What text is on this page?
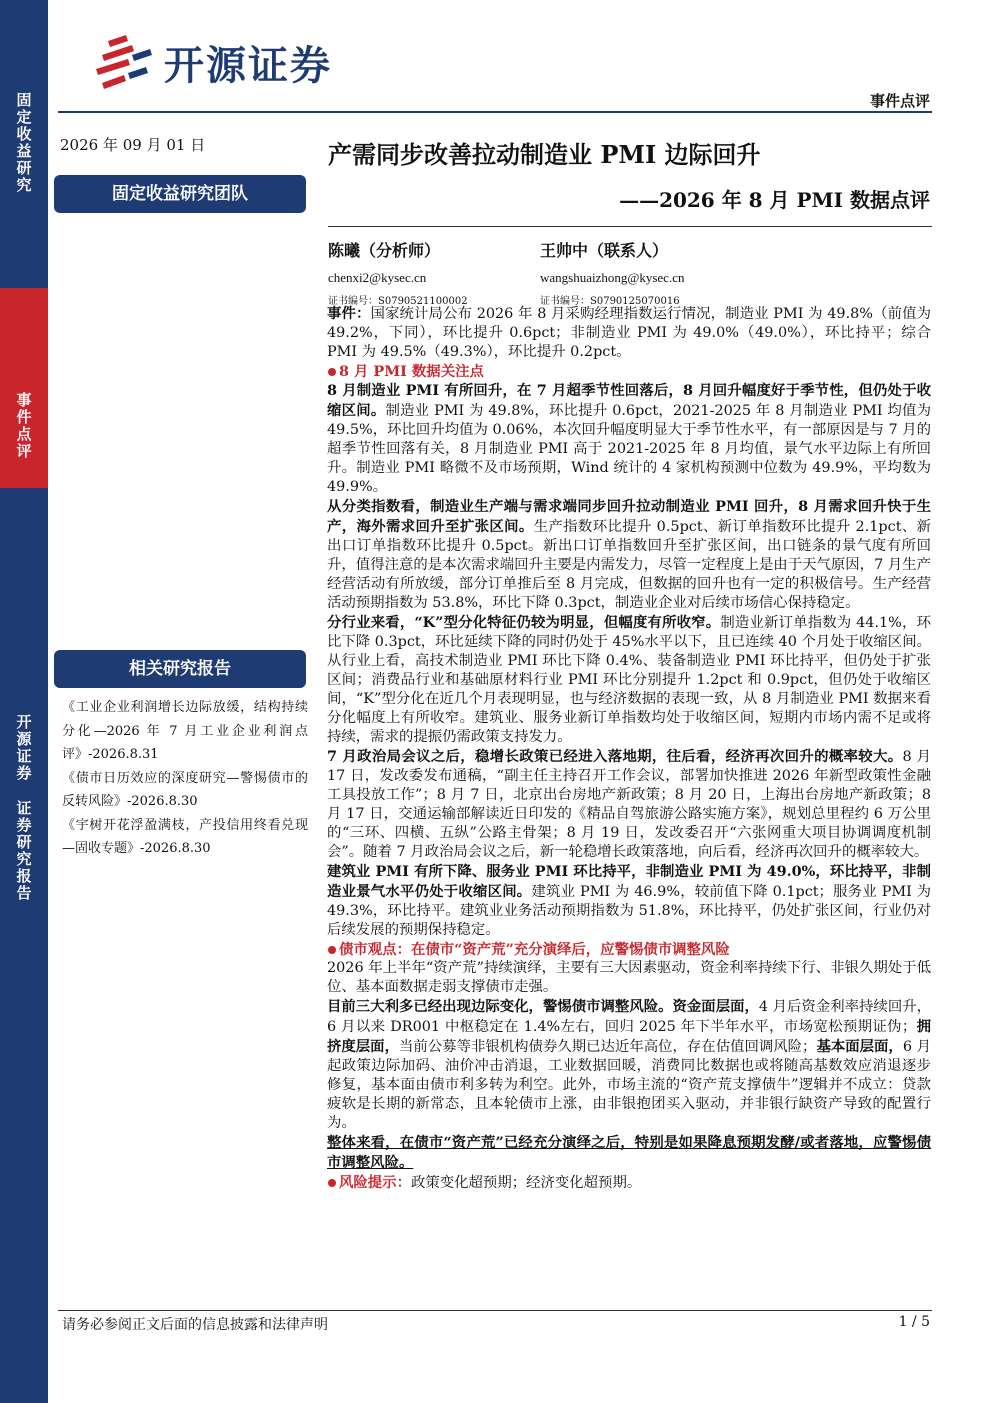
固
定
收
益
研
究
事
件
点
评
开
源
证
券
证
券
研
究
报
告
开源证券
事件点评
2026 年 09 月 01 日
固定收益研究团队
产需同步改善拉动制造业 PMI 边际回升
——2026 年 8 月 PMI 数据点评
陈曦（分析师）
chenxi2@kysec.cn
证书编号：S0790521100002
王帅中（联系人）
wangshuaizhong@kysec.cn
证书编号：S0790125070016

事件：国家统计局公布 2026 年 8 月采购经理指数运行情况，制造业 PMI 为 49.8%（前值为 49.2%，下同），环比提升 0.6pct；非制造业 PMI 为 49.0%（49.0%），环比持平；综合 PMI 为 49.5%（49.3%），环比提升 0.2pct。

8 月 PMI 数据关注点

8 月制造业 PMI 有所回升，在 7 月超季节性回落后，8 月回升幅度好于季节性，但仍处于收缩区间。制造业 PMI 为 49.8%，环比提升 0.6pct，2021-2025 年 8 月制造业 PMI 均值为 49.5%，环比回升均值为 0.06%，本次回升幅度明显大于季节性水平，有一部原因是与 7 月的超季节性回落有关，8 月制造业 PMI 高于 2021-2025 年 8 月均值，景气水平边际上有所回升。制造业 PMI 略微不及市场预期，Wind 统计的 4 家机构预测中位数为 49.9%，平均数为 49.9%。

从分类指数看，制造业生产端与需求端同步回升拉动制造业 PMI 回升，8 月需求回升快于生产，海外需求回升至扩张区间。生产指数环比提升 0.5pct、新订单指数环比提升 2.1pct、新出口订单指数环比提升 0.5pct。新出口订单指数回升至扩张区间，出口链条的景气度有所回升，值得注意的是本次需求端回升主要是内需发力，尽管一定程度上是由于天气原因，7 月生产经营活动有所放缓，部分订单推后至 8 月完成，但数据的回升也有一定的积极信号。生产经营活动预期指数为 53.8%，环比下降 0.3pct，制造业企业对后续市场信心保持稳定。

分行业来看，“K”型分化特征仍较为明显，但幅度有所收窄。制造业新订单指数为 44.1%，环比下降 0.3pct，环比延续下降的同时仍处于 45%水平以下，且已连续 40 个月处于收缩区间。从行业上看，高技术制造业 PMI 环比下降 0.4%、装备制造业 PMI 环比持平，但仍处于扩张区间；消费品行业和基础原材料行业 PMI 环比分别提升 1.2pct 和 0.9pct，但仍处于收缩区间，“K”型分化在近几个月表现明显，也与经济数据的表现一致，从 8 月制造业 PMI 数据来看分化幅度上有所收窄。建筑业、服务业新订单指数均处于收缩区间，短期内市场内需不足或将持续，需求的提振仍需政策支持发力。

7 月政治局会议之后，稳增长政策已经进入落地期，往后看，经济再次回升的概率较大。8 月 17 日，发改委发布通稿，“副主任主持召开工作会议，部署加快推进 2026 年新型政策性金融工具投放工作”；8 月 7 日，北京出台房地产新政策；8 月 20 日，上海出台房地产新政策；8 月 17 日，交通运输部解读近日印发的《精品自驾旅游公路实施方案》，规划总里程约 6 万公里的“三环、四横、五纵”公路主骨架；8 月 19 日，发改委召开“六张网重大项目协调调度机制会”。随着 7 月政治局会议之后，新一轮稳增长政策落地，向后看，经济再次回升的概率较大。

建筑业 PMI 有所下降、服务业 PMI 环比持平，非制造业 PMI 为 49.0%，环比持平，非制造业景气水平仍处于收缩区间。建筑业 PMI 为 46.9%，较前值下降 0.1pct；服务业 PMI 为 49.3%，环比持平。建筑业业务活动预期指数为 51.8%，环比持平，仍处扩张区间，行业仍对后续发展的预期保持稳定。

债市观点：在债市“资产荒”充分演绎后，应警惕债市调整风险

2026 年上半年“资产荒”持续演绎，主要有三大因素驱动，资金利率持续下行、非银久期处于低位、基本面数据走弱支撑债市走强。

目前三大利多已经出现边际变化，警惕债市调整风险。资金面层面，4 月后资金利率持续回升，6 月以来 DR001 中枢稳定在 1.4%左右，回归 2025 年下半年水平，市场宽松预期证伪；拥挤度层面，当前公募等非银机构债券久期已达近年高位，存在估值回调风险；基本面层面，6 月起政策边际加码、油价冲击消退，工业数据回暖，消费同比数据也或将随高基数效应消退逐步修复，基本面由债市利多转为利空。此外，市场主流的“资产荒支撑债牛”逻辑并不成立：贷款疲软是长期的新常态，且本轮债市上涨，由非银抱团买入驱动，并非银行缺资产导致的配置行为。

整体来看，在债市“资产荒”已经充分演绎之后，特别是如果降息预期发酵/或者落地，应警惕债市调整风险。

风险提示：政策变化超预期；经济变化超预期。

相关研究报告
《工业企业利润增长边际放缓，结构持续分化—2026 年 7 月工业企业利润点评》-2026.8.31
《债市日历效应的深度研究—警惕债市的反转风险》-2026.8.30
《宇树开花浮盈满枝，产投信用终看兑现—固收专题》-2026.8.30
请务必参阅正文后面的信息披露和法律声明	1 / 5
